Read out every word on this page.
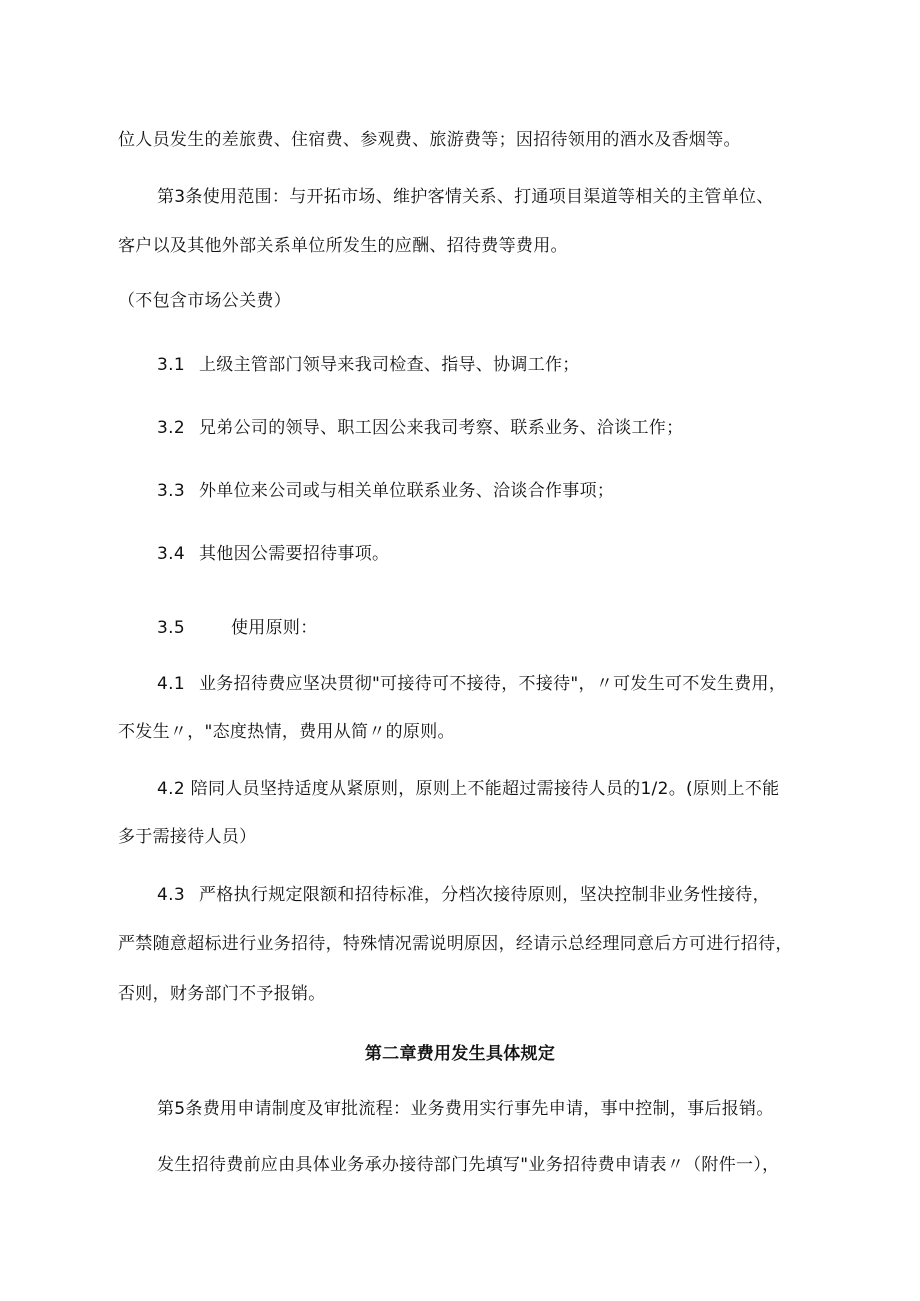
位人员发生的差旅费、住宿费、参观费、旅游费等；因招待领用的酒水及香烟等。
第3条使用范围：与开拓市场、维护客情关系、打通项目渠道等相关的主管单位、
客户以及其他外部关系单位所发生的应酬、招待费等费用。
（不包含市场公关费）
3.1 上级主管部门领导来我司检查、指导、协调工作；
3.2 兄弟公司的领导、职工因公来我司考察、联系业务、洽谈工作；
3.3 外单位来公司或与相关单位联系业务、洽谈合作事项；
3.4 其他因公需要招待事项。
3.5	使用原则：
4.1 业务招待费应坚决贯彻"可接待可不接待，不接待"，〃可发生可不发生费用，
不发生〃，"态度热情，费用从简〃的原则。
4.2 陪同人员坚持适度从紧原则，原则上不能超过需接待人员的1/2。(原则上不能
多于需接待人员）
4.3 严格执行规定限额和招待标准，分档次接待原则，坚决控制非业务性接待，
严禁随意超标进行业务招待，特殊情况需说明原因，经请示总经理同意后方可进行招待，
否则，财务部门不予报销。
第二章费用发生具体规定
第5条费用申请制度及审批流程：业务费用实行事先申请，事中控制，事后报销。
发生招待费前应由具体业务承办接待部门先填写"业务招待费申请表〃（附件一），
